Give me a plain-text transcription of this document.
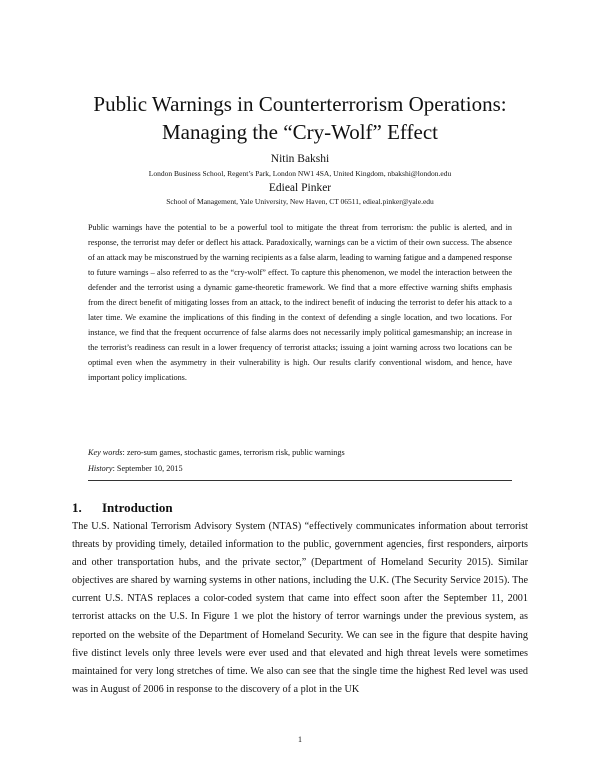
Public Warnings in Counterterrorism Operations:
Managing the “Cry-Wolf” Effect
Nitin Bakshi
London Business School, Regent’s Park, London NW1 4SA, United Kingdom, nbakshi@london.edu
Edieal Pinker
School of Management, Yale University, New Haven, CT 06511, edieal.pinker@yale.edu

Public warnings have the potential to be a powerful tool to mitigate the threat from terrorism: the public is alerted, and in response, the terrorist may defer or deflect his attack. Paradoxically, warnings can be a victim of their own success. The absence of an attack may be misconstrued by the warning recipients as a false alarm, leading to warning fatigue and a dampened response to future warnings – also referred to as the “cry-wolf” effect. To capture this phenomenon, we model the interaction between the defender and the terrorist using a dynamic game-theoretic framework. We find that a more effective warning shifts emphasis from the direct benefit of mitigating losses from an attack, to the indirect benefit of inducing the terrorist to defer his attack to a later time. We examine the implications of this finding in the context of defending a single location, and two locations. For instance, we find that the frequent occurrence of false alarms does not necessarily imply political gamesmanship; an increase in the terrorist’s readiness can result in a lower frequency of terrorist attacks; issuing a joint warning across two locations can be optimal even when the asymmetry in their vulnerability is high. Our results clarify conventional wisdom, and hence, have important policy implications.

Key words: zero-sum games, stochastic games, terrorism risk, public warnings
History: September 10, 2015
1. Introduction

The U.S. National Terrorism Advisory System (NTAS) “effectively communicates information about terrorist threats by providing timely, detailed information to the public, government agencies, first responders, airports and other transportation hubs, and the private sector,” (Department of Homeland Security 2015). Similar objectives are shared by warning systems in other nations, including the U.K. (The Security Service 2015). The current U.S. NTAS replaces a color-coded system that came into effect soon after the September 11, 2001 terrorist attacks on the U.S. In Figure 1 we plot the history of terror warnings under the previous system, as reported on the website of the Department of Homeland Security. We can see in the figure that despite having five distinct levels only three levels were ever used and that elevated and high threat levels were sometimes maintained for very long stretches of time. We also can see that the single time the highest Red level was used was in August of 2006 in response to the discovery of a plot in the UK

1
